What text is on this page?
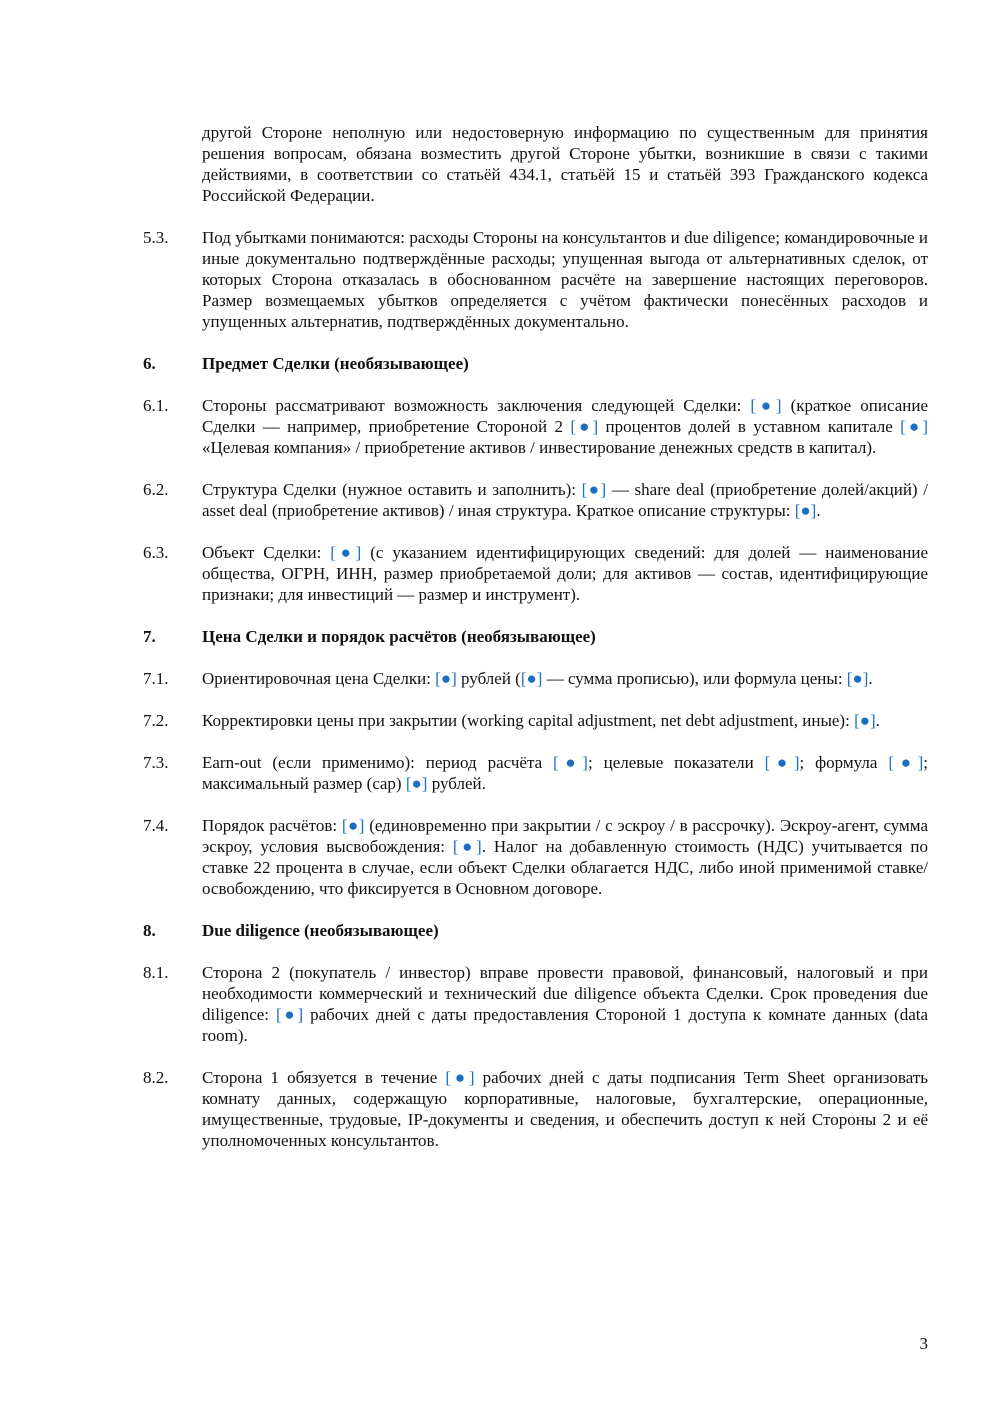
другой Стороне неполную или недостоверную информацию по существенным для принятия решения вопросам, обязана возместить другой Стороне убытки, возникшие в связи с такими действиями, в соответствии со статьёй 434.1, статьёй 15 и статьёй 393 Гражданского кодекса Российской Федерации.

5.3.	Под убытками понимаются: расходы Стороны на консультантов и due diligence; командировочные и иные документально подтверждённые расходы; упущенная выгода от альтернативных сделок, от которых Сторона отказалась в обоснованном расчёте на завершение настоящих переговоров. Размер возмещаемых убытков определяется с учётом фактически понесённых расходов и упущенных альтернатив, подтверждённых документально.
6.	Предмет Сделки (необязывающее)
6.1.	Стороны рассматривают возможность заключения следующей Сделки: [●] (краткое описание Сделки — например, приобретение Стороной 2 [●] процентов долей в уставном капитале [●] «Целевая компания» / приобретение активов / инвестирование денежных средств в капитал).
6.2.	Структура Сделки (нужное оставить и заполнить): [●] — share deal (приобретение долей/акций) / asset deal (приобретение активов) / иная структура. Краткое описание структуры: [●].
6.3.	Объект Сделки: [●] (с указанием идентифицирующих сведений: для долей — наименование общества, ОГРН, ИНН, размер приобретаемой доли; для активов — состав, идентифицирующие признаки; для инвестиций — размер и инструмент).
7.	Цена Сделки и порядок расчётов (необязывающее)
7.1.	Ориентировочная цена Сделки: [●] рублей ([●] — сумма прописью), или формула цены: [●].
7.2.	Корректировки цены при закрытии (working capital adjustment, net debt adjustment, иные): [●].
7.3.	Earn-out (если применимо): период расчёта [●]; целевые показатели [●]; формула [●]; максимальный размер (cap) [●] рублей.
7.4.	Порядок расчётов: [●] (единовременно при закрытии / с эскроу / в рассрочку). Эскроу-агент, сумма эскроу, условия высвобождения: [●]. Налог на добавленную стоимость (НДС) учитывается по ставке 22 процента в случае, если объект Сделки облагается НДС, либо иной применимой ставке/освобождению, что фиксируется в Основном договоре.
8.	Due diligence (необязывающее)
8.1.	Сторона 2 (покупатель / инвестор) вправе провести правовой, финансовый, налоговый и при необходимости коммерческий и технический due diligence объекта Сделки. Срок проведения due diligence: [●] рабочих дней с даты предоставления Стороной 1 доступа к комнате данных (data room).
8.2.	Сторона 1 обязуется в течение [●] рабочих дней с даты подписания Term Sheet организовать комнату данных, содержащую корпоративные, налоговые, бухгалтерские, операционные, имущественные, трудовые, IP-документы и сведения, и обеспечить доступ к ней Стороны 2 и её уполномоченных консультантов.
3
